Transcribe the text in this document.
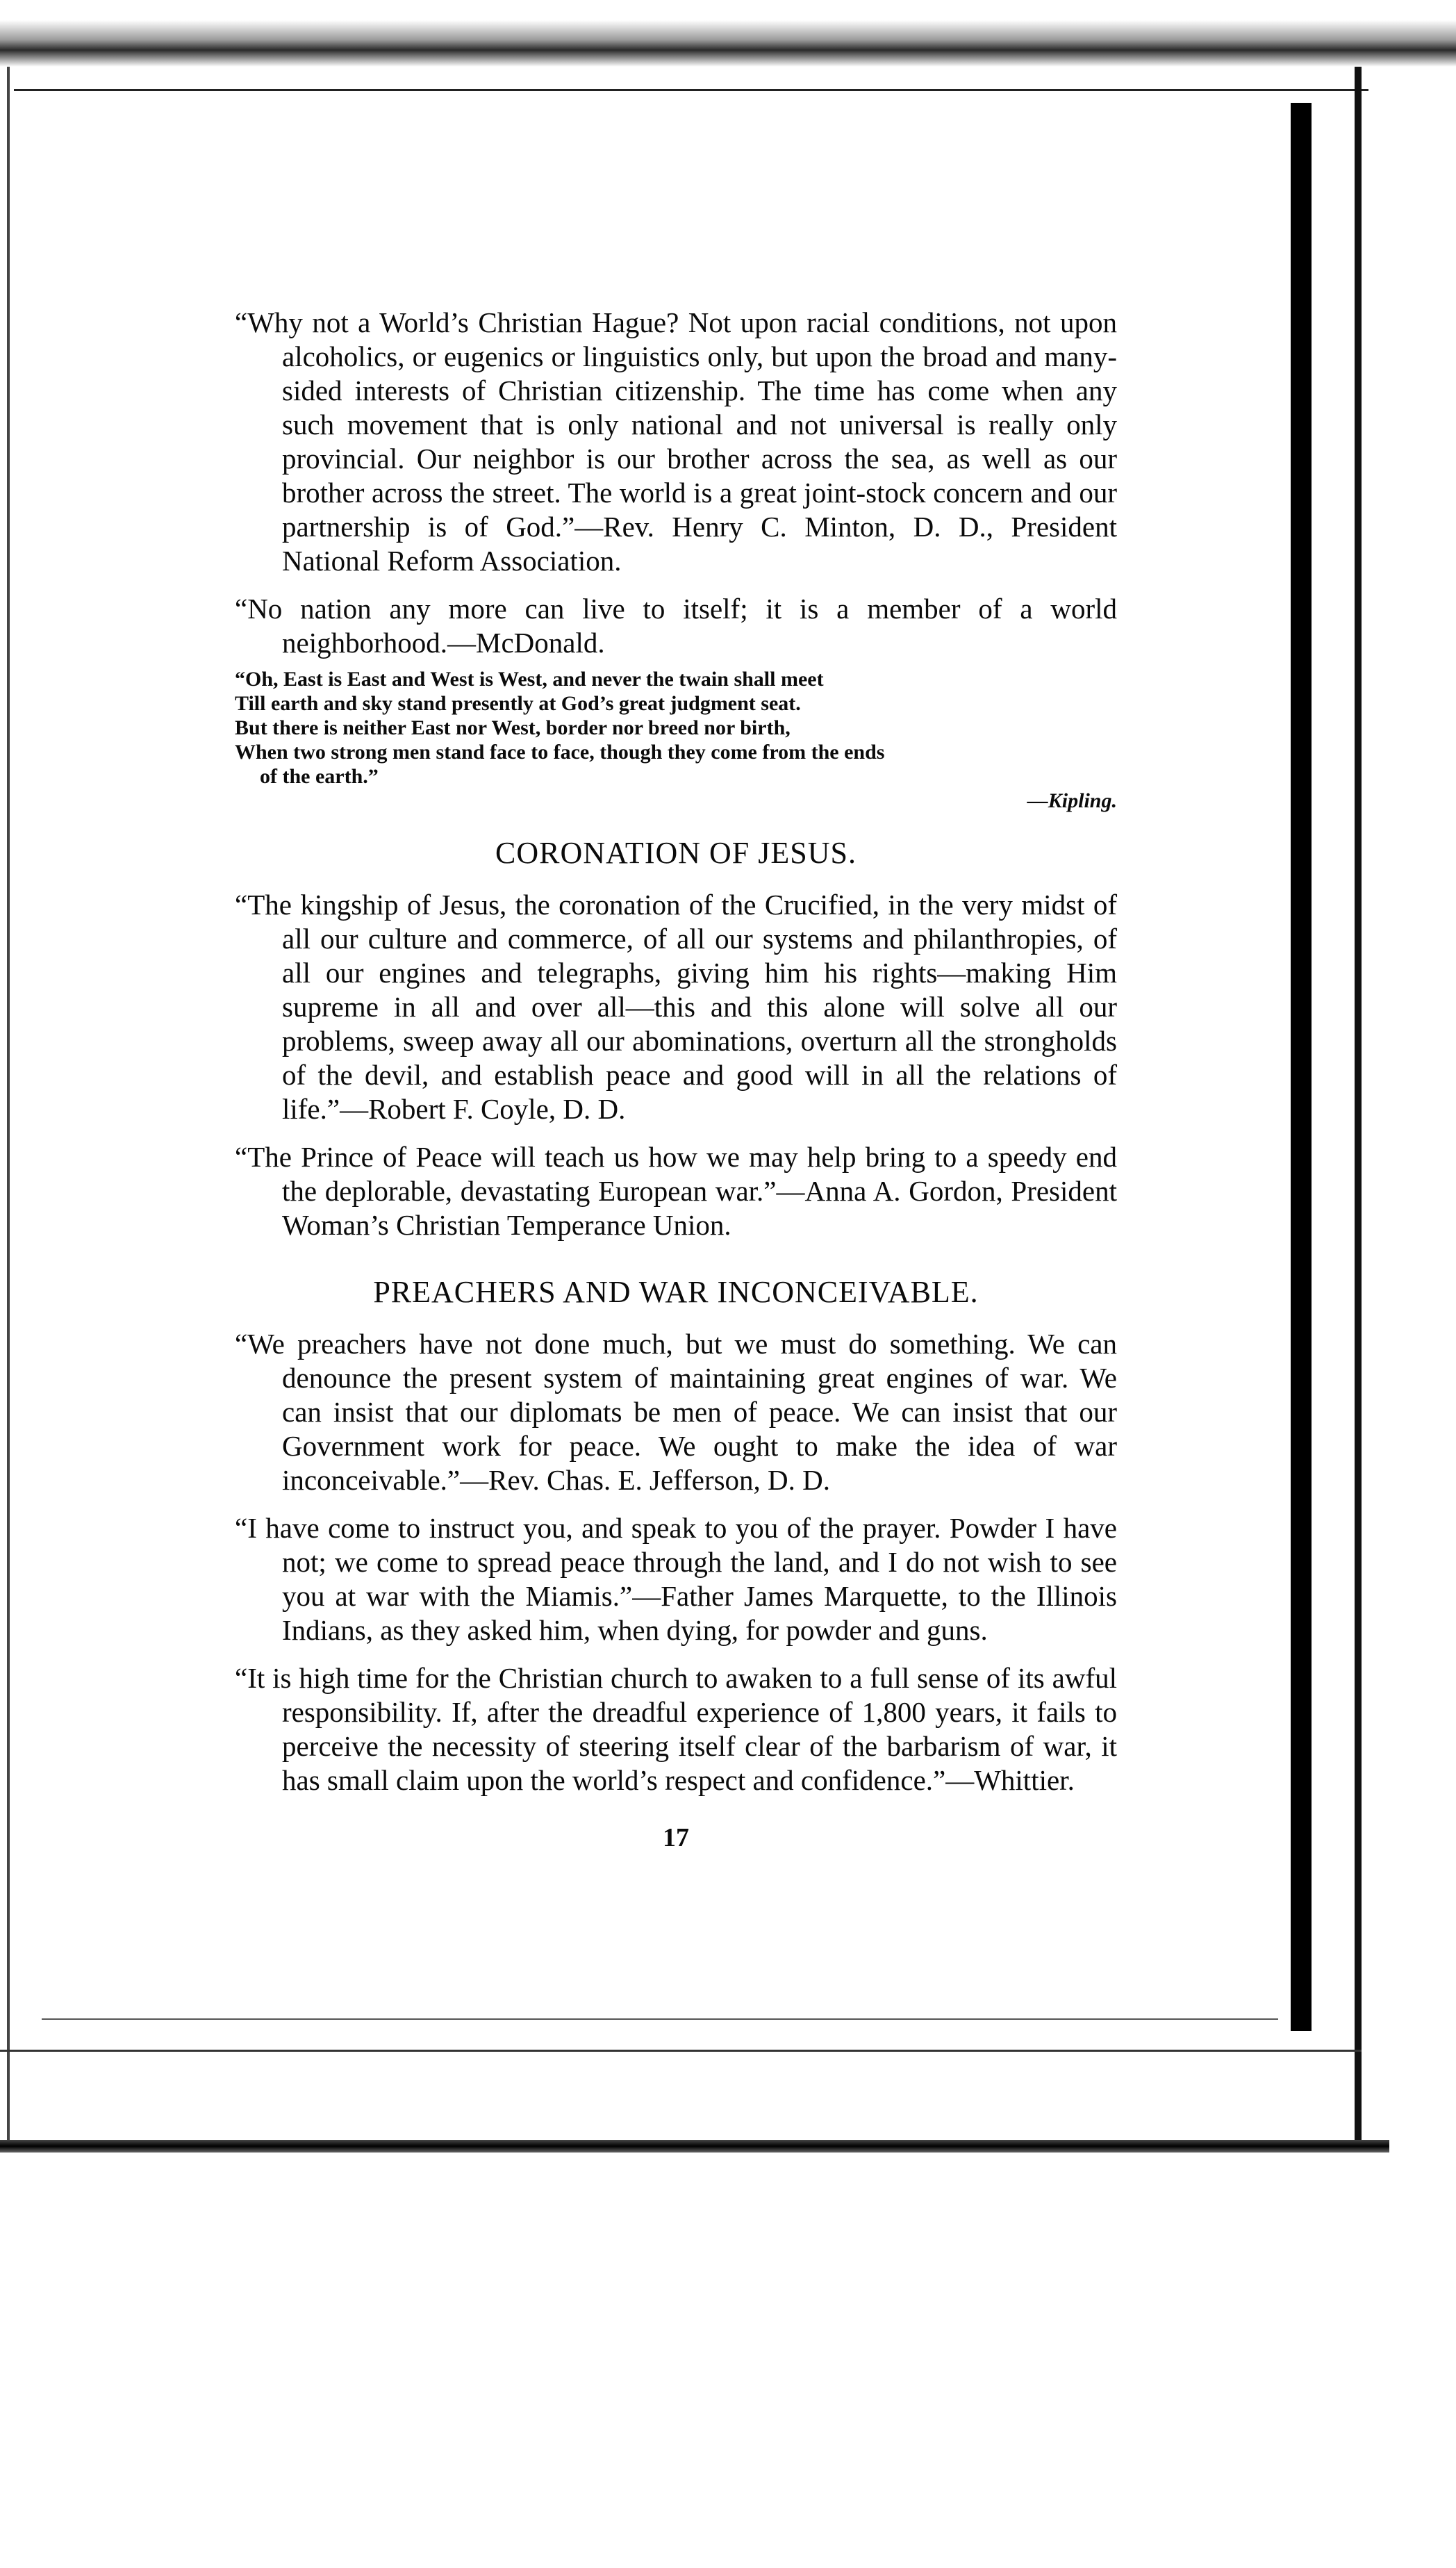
“Why not a World’s Christian Hague? Not upon racial conditions, not upon alcoholics, or eugenics or linguistics only, but upon the broad and many-sided interests of Christian citizenship. The time has come when any such movement that is only national and not universal is really only provincial. Our neighbor is our brother across the sea, as well as our brother across the street. The world is a great joint-stock concern and our partnership is of God.”—Rev. Henry C. Minton, D. D., President National Reform Association.

“No nation any more can live to itself; it is a member of a world neighborhood.—McDonald.

“Oh, East is East and West is West, and never the twain shall meet
Till earth and sky stand presently at God’s great judgment seat.
But there is neither East nor West, border nor breed nor birth,
When two strong men stand face to face, though they come from the ends
of the earth.”
—Kipling.
CORONATION OF JESUS.

“The kingship of Jesus, the coronation of the Crucified, in the very midst of all our culture and commerce, of all our systems and philanthropies, of all our engines and telegraphs, giving him his rights—making Him supreme in all and over all—this and this alone will solve all our problems, sweep away all our abominations, overturn all the strongholds of the devil, and establish peace and good will in all the relations of life.”—Robert F. Coyle, D. D.

“The Prince of Peace will teach us how we may help bring to a speedy end the deplorable, devastating European war.”—Anna A. Gordon, President Woman’s Christian Temperance Union.

PREACHERS AND WAR INCONCEIVABLE.

“We preachers have not done much, but we must do something. We can denounce the present system of maintaining great engines of war. We can insist that our diplomats be men of peace. We can insist that our Government work for peace. We ought to make the idea of war inconceivable.”—Rev. Chas. E. Jefferson, D. D.

“I have come to instruct you, and speak to you of the prayer. Powder I have not; we come to spread peace through the land, and I do not wish to see you at war with the Miamis.”—Father James Marquette, to the Illinois Indians, as they asked him, when dying, for powder and guns.

“It is high time for the Christian church to awaken to a full sense of its awful responsibility. If, after the dreadful experience of 1,800 years, it fails to perceive the necessity of steering itself clear of the barbarism of war, it has small claim upon the world’s respect and confidence.”—Whittier.

17
